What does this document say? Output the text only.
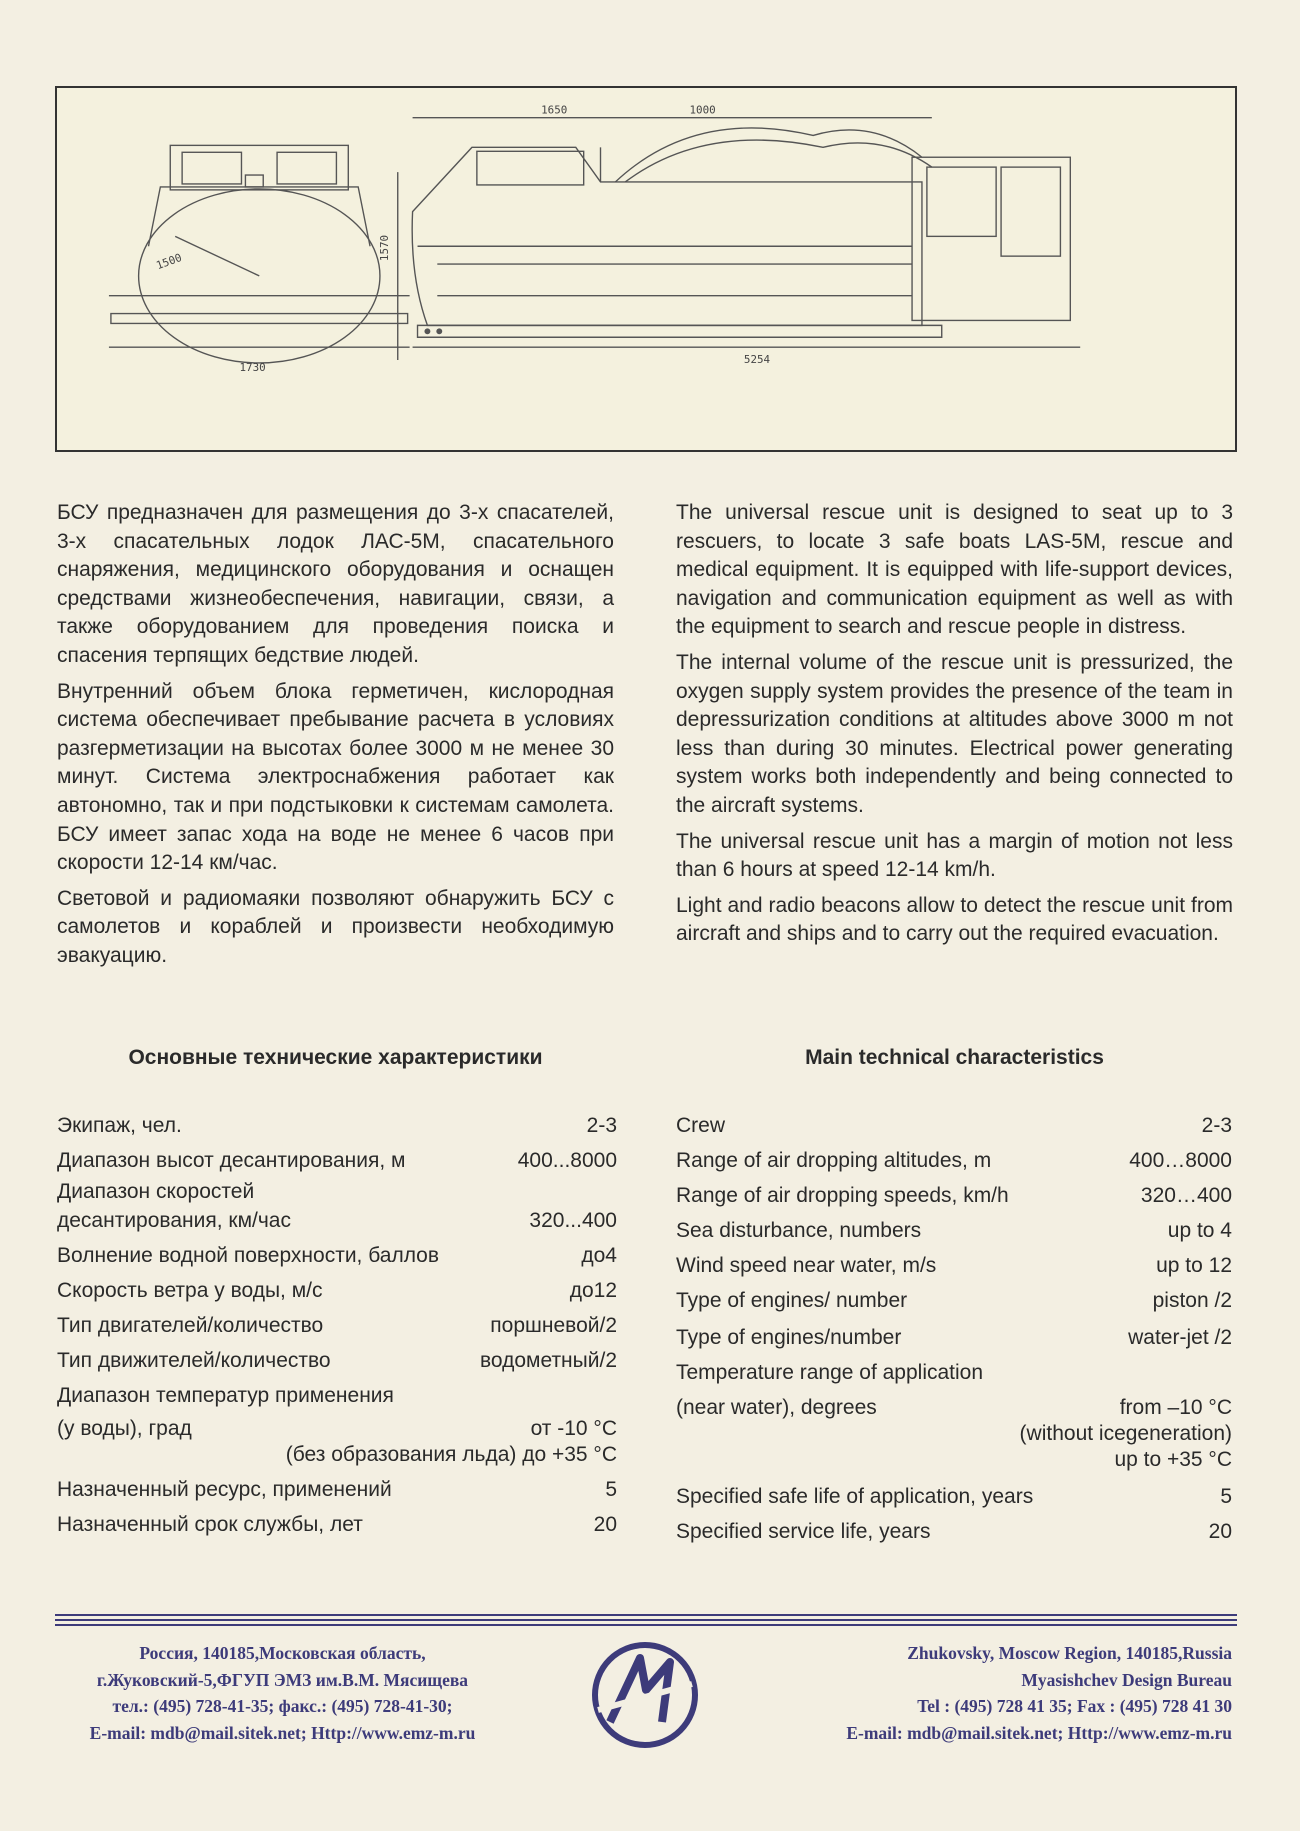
1730
1500
1570
1650	1000
5254

БСУ предназначен для размещения до 3-х спасателей, 3-х спасательных лодок ЛАС-5М, спасательного снаряжения, медицинского оборудования и оснащен средствами жизнеобеспечения, навигации, связи, а также оборудованием для проведения поиска и спасения терпящих бедствие людей.

Внутренний объем блока герметичен, кислородная система обеспечивает пребывание расчета в условиях разгерметизации на высотах более 3000 м не менее 30 минут. Система электроснабжения работает как автономно, так и при подстыковки к системам самолета. БСУ имеет запас хода на воде не менее 6 часов при скорости 12-14 км/час.

Световой и радиомаяки позволяют обнаружить БСУ с самолетов и кораблей и произвести необходимую эвакуацию.

The universal rescue unit is designed to seat up to 3 rescuers, to locate 3 safe boats LAS-5M, rescue and medical equipment. It is equipped with life-support devices, navigation and communication equipment as well as with the equipment to search and rescue people in distress.

The internal volume of the rescue unit is pressurized, the oxygen supply system provides the presence of the team in depressurization conditions at altitudes above 3000 m not less than during 30 minutes. Electrical power generating system works both independently and being connected to the aircraft systems.

The universal rescue unit has a margin of motion not less than 6 hours at speed 12-14 km/h.

Light and radio beacons allow to detect the rescue unit from aircraft and ships and to carry out the required evacuation.

Основные технические характеристики	Main technical characteristics
Экипаж, чел.	2-3
Диапазон высот десантирования, м	400...8000
Диапазон скоростей
десантирования, км/час	320...400
Волнение водной поверхности, баллов	до4
Скорость ветра у воды, м/с	до12
Тип двигателей/количество	поршневой/2
Тип движителей/количество	водометный/2
Диапазон температур применения
(у воды), град	от -10 °С
(без образования льда) до +35 °С
Назначенный ресурс, применений	5
Назначенный срок службы, лет	20
Crew	2-3
Range of air dropping altitudes, m	400…8000
Range of air dropping speeds, km/h	320…400
Sea disturbance, numbers	up to 4
Wind speed near water, m/s	up to 12
Type of engines/ number	piston /2
Type of engines/number	water-jet /2
Temperature range of application
(near water), degrees	from –10 °C
(without icegeneration)
up to +35 °C
Specified safe life of application, years	5
Specified service life, years	20
Россия, 140185,Московская область,
г.Жуковский-5,ФГУП ЭМЗ им.В.М. Мясищева
тел.: (495) 728-41-35; факс.: (495) 728-41-30;
E-mail: mdb@mail.sitek.net; Http://www.emz-m.ru
Zhukovsky, Moscow Region, 140185,Russia
Myasishchev Design Bureau
Tel : (495) 728 41 35; Fax : (495) 728 41 30
E-mail: mdb@mail.sitek.net; Http://www.emz-m.ru
